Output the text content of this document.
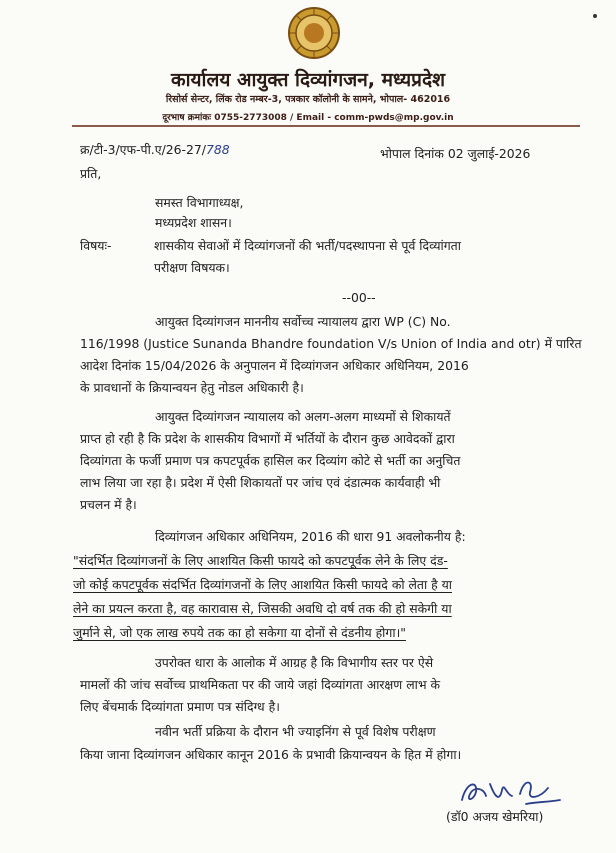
कार्यालय आयुक्त दिव्यांगजन, मध्यप्रदेश
रिसोर्स सेन्टर, लिंक रोड नम्बर-3, पत्रकार कॉलोनी के सामने, भोपाल- 462016
दूरभाष क्रमांकः 0755-2773008 / Email - comm-pwds@mp.gov.in
क्र/टी-3/एफ-पी.ए/26-27/788	भोपाल दिनांक 02 जुलाई-2026
प्रति,
समस्त विभागाध्यक्ष,
मध्यप्रदेश शासन।
विषयः-	शासकीय सेवाओं में दिव्यांगजनों की भर्ती/पदस्थापना से पूर्व दिव्यांगता
परीक्षण विषयक।
--00--
आयुक्त दिव्यांगजन माननीय सर्वोच्च न्यायालय द्वारा WP (C) No.
116/1998 (Justice Sunanda Bhandre foundation V/s Union of India and otr) में पारित
आदेश दिनांक 15/04/2026 के अनुपालन में दिव्यांगजन अधिकार अधिनियम, 2016
के प्रावधानों के क्रियान्वयन हेतु नोडल अधिकारी है।
आयुक्त दिव्यांगजन न्यायालय को अलग-अलग माध्यमों से शिकायतें
प्राप्त हो रही है कि प्रदेश के शासकीय विभागों में भर्तियों के दौरान कुछ आवेदकों द्वारा
दिव्यांगता के फर्जी प्रमाण पत्र कपटपूर्वक हासिल कर दिव्यांग कोटे से भर्ती का अनुचित
लाभ लिया जा रहा है। प्रदेश में ऐसी शिकायतों पर जांच एवं दंडात्मक कार्यवाही भी
प्रचलन में है।
दिव्यांगजन अधिकार अधिनियम, 2016 की धारा 91 अवलोकनीय है:
"संदर्भित दिव्यांगजनों के लिए आशयित किसी फायदे को कपटपूर्वक लेने के लिए दंड-
जो कोई कपटपूर्वक संदर्भित दिव्यांगजनों के लिए आशयित किसी फायदे को लेता है या
लेने का प्रयत्न करता है, वह कारावास से, जिसकी अवधि दो वर्ष तक की हो सकेगी या
जुर्माने से, जो एक लाख रुपये तक का हो सकेगा या दोनों से दंडनीय होगा।"
उपरोक्त धारा के आलोक में आग्रह है कि विभागीय स्तर पर ऐसे
मामलों की जांच सर्वोच्च प्राथमिकता पर की जाये जहां दिव्यांगता आरक्षण लाभ के
लिए बेंचमार्क दिव्यांगता प्रमाण पत्र संदिग्ध है।
नवीन भर्ती प्रक्रिया के दौरान भी ज्याइनिंग से पूर्व विशेष परीक्षण
किया जाना दिव्यांगजन अधिकार कानून 2016 के प्रभावी क्रियान्वयन के हित में होगा।
(डॉ0 अजय खेमरिया)
